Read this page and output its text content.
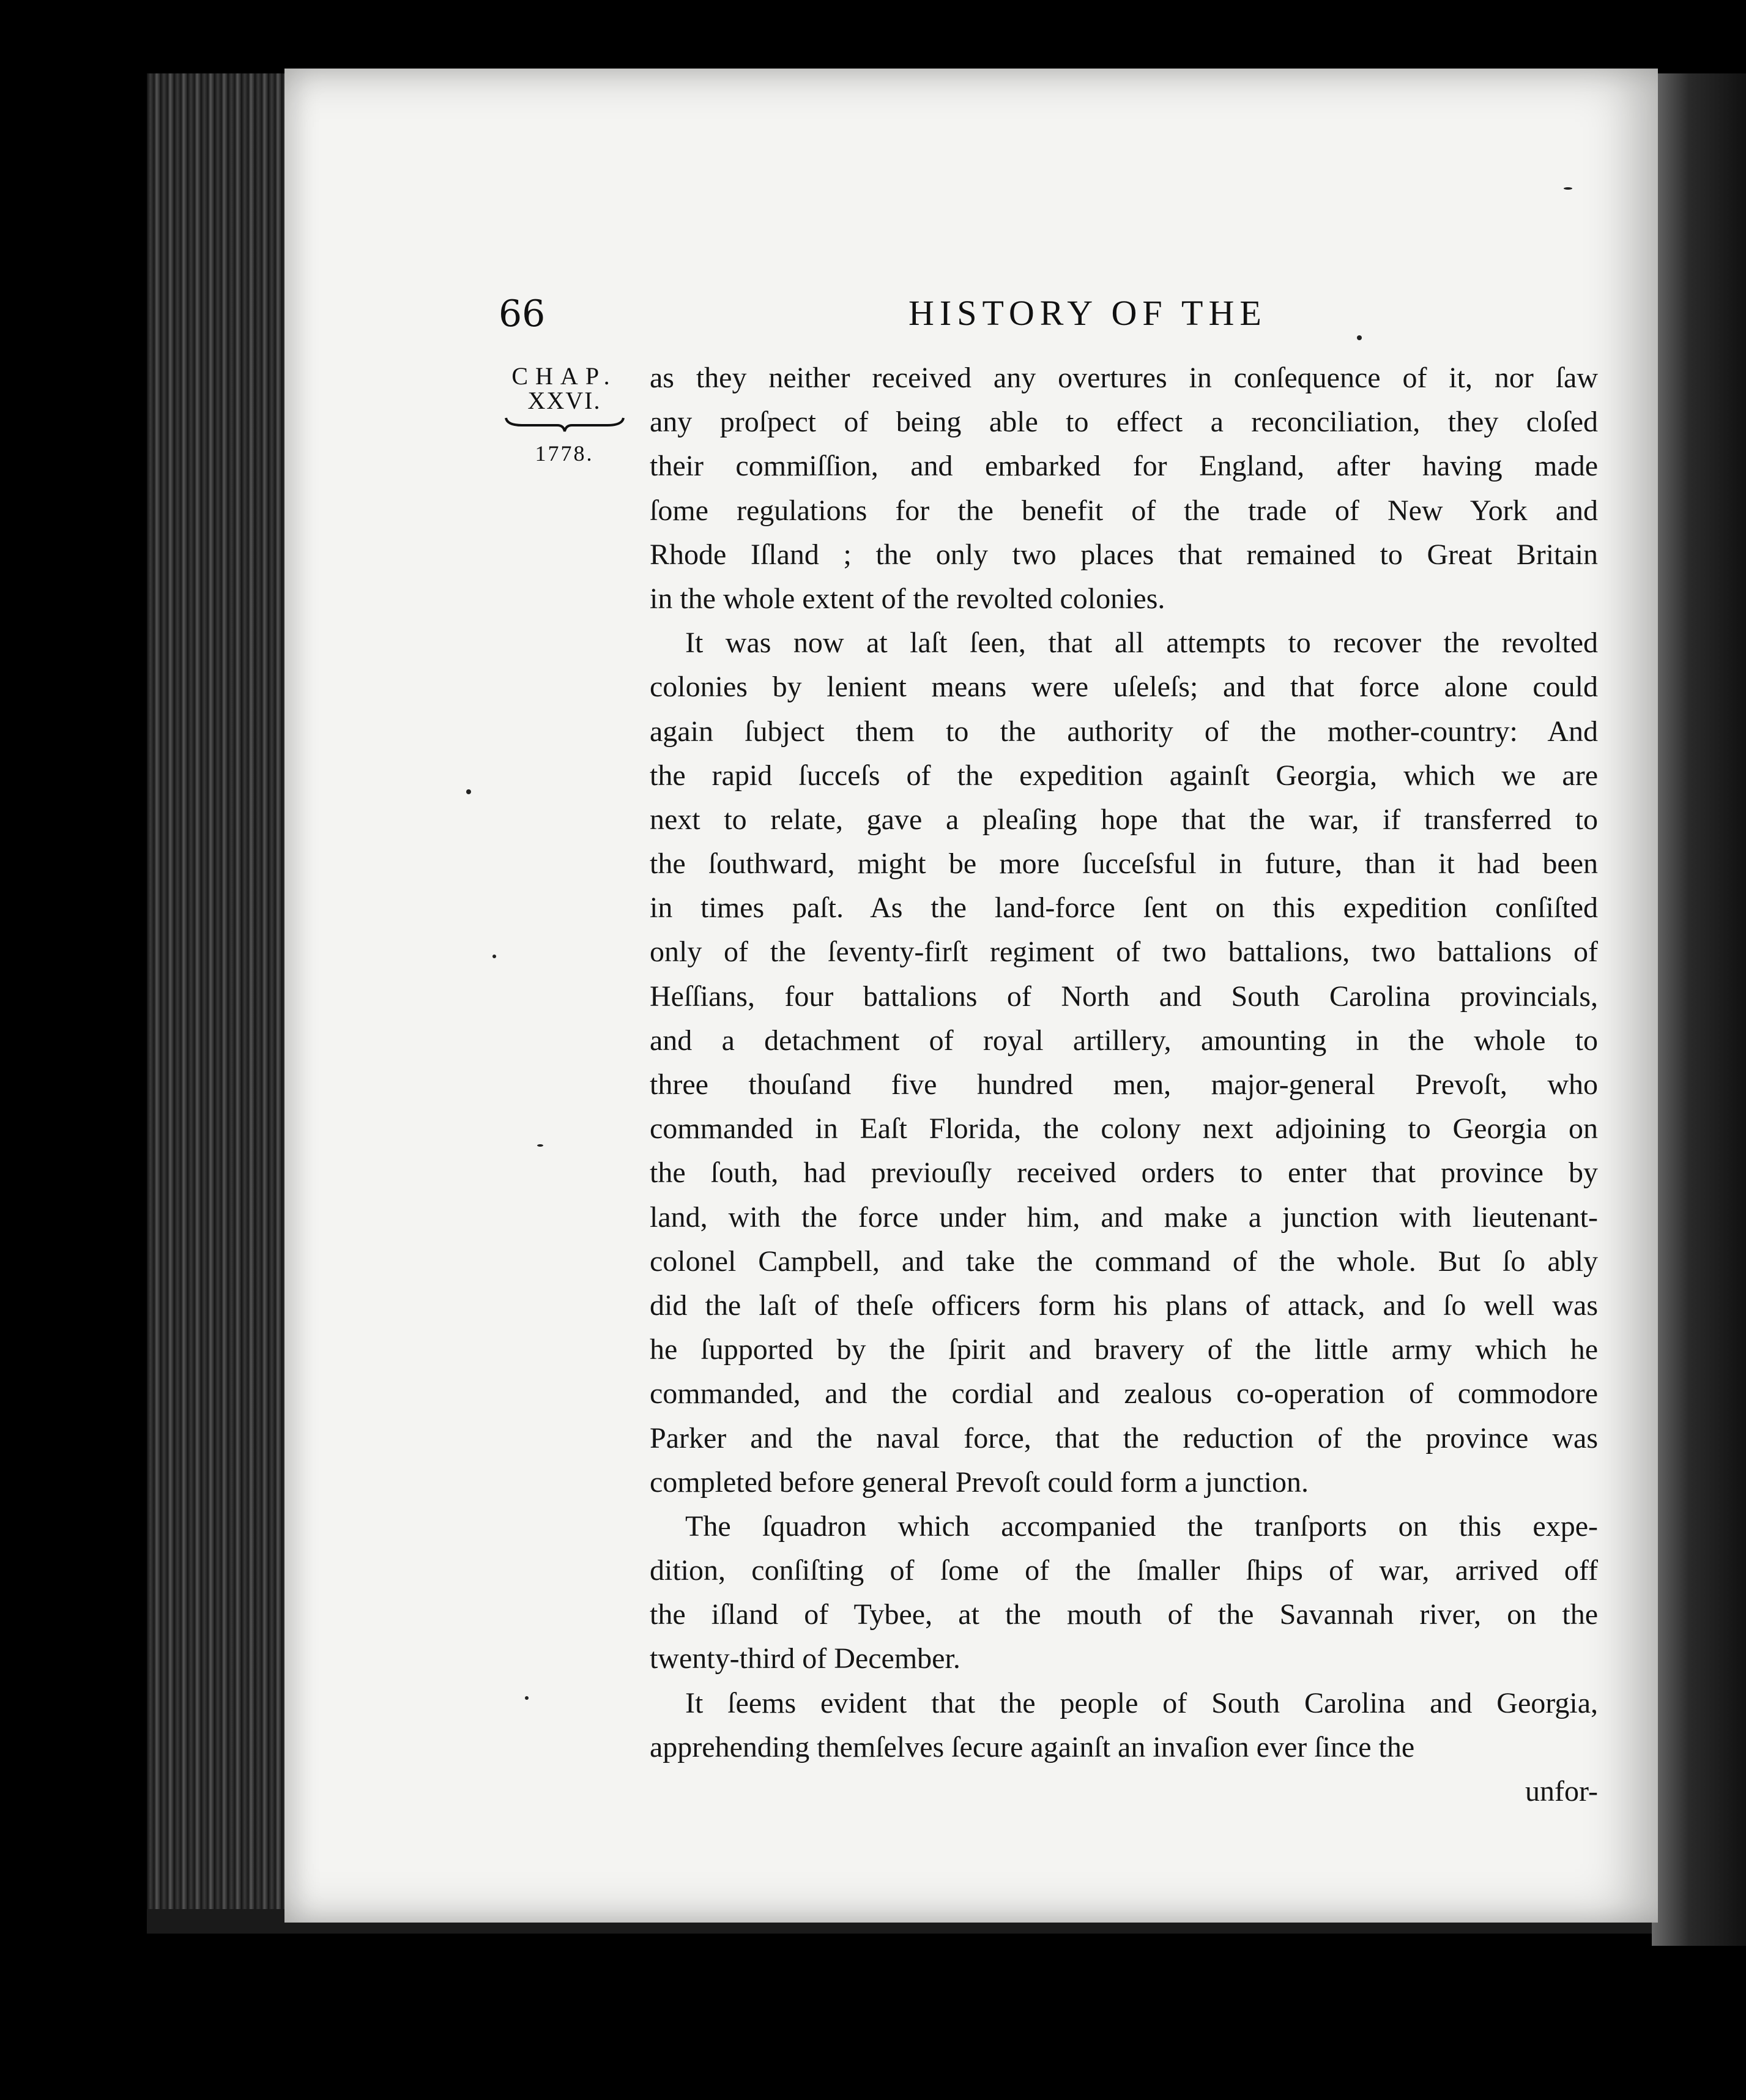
66	HISTORY OF THE
CHAP.
XXVI.
1778.
as they neither received any overtures in conſequence of it, nor ſaw
any proſpect of being able to effect a reconciliation, they cloſed
their commiſſion, and embarked for England, after having made
ſome regulations for the benefit of the trade of New York and
Rhode Iſland ; the only two places that remained to Great Britain
in the whole extent of the revolted colonies.
It was now at laſt ſeen, that all attempts to recover the revolted
colonies by lenient means were uſeleſs; and that force alone could
again ſubject them to the authority of the mother-country: And
the rapid ſucceſs of the expedition againſt Georgia, which we are
next to relate, gave a pleaſing hope that the war, if transferred to
the ſouthward, might be more ſucceſsful in future, than it had been
in times paſt. As the land-force ſent on this expedition conſiſted
only of the ſeventy-firſt regiment of two battalions, two battalions of
Heſſians, four battalions of North and South Carolina provincials,
and a detachment of royal artillery, amounting in the whole to
three thouſand five hundred men, major-general Prevoſt, who
commanded in Eaſt Florida, the colony next adjoining to Georgia on
the ſouth, had previouſly received orders to enter that province by
land, with the force under him, and make a junction with lieutenant-
colonel Campbell, and take the command of the whole. But ſo ably
did the laſt of theſe officers form his plans of attack, and ſo well was
he ſupported by the ſpirit and bravery of the little army which he
commanded, and the cordial and zealous co-operation of commodore
Parker and the naval force, that the reduction of the province was
completed before general Prevoſt could form a junction.
The ſquadron which accompanied the tranſports on this expe-
dition, conſiſting of ſome of the ſmaller ſhips of war, arrived off
the iſland of Tybee, at the mouth of the Savannah river, on the
twenty-third of December.
It ſeems evident that the people of South Carolina and Georgia,
apprehending themſelves ſecure againſt an invaſion ever ſince the
unfor-
